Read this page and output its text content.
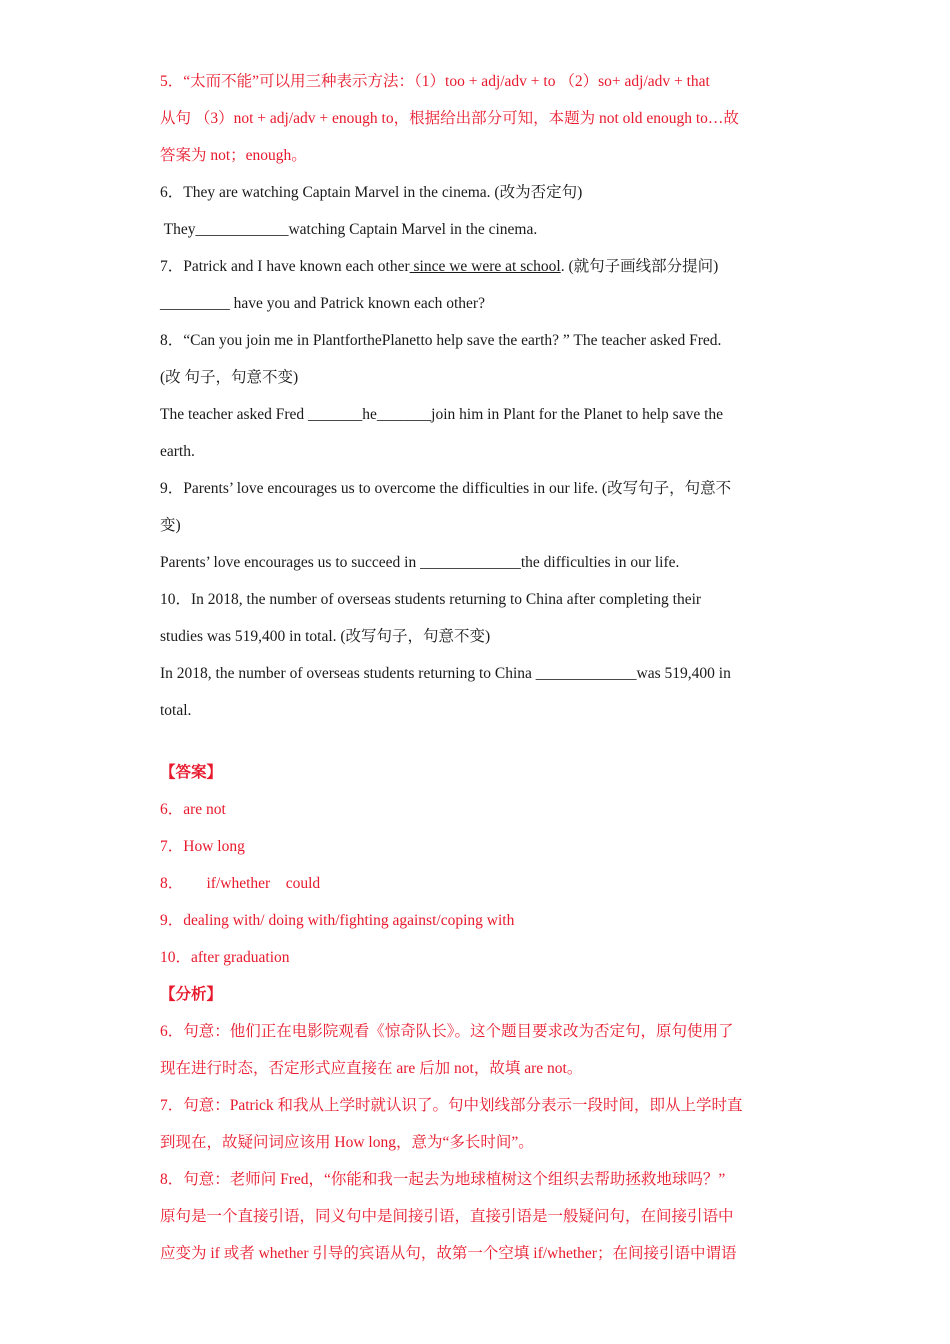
5．“太而不能”可以用三种表示方法：（1）too + adj/adv + to （2）so+ adj/adv + that

从句 （3）not + adj/adv + enough to，根据给出部分可知，本题为 not old enough to…故

答案为 not；enough。

6．They are watching Captain Marvel in the cinema. (改为否定句)

They____________watching Captain Marvel in the cinema.

7．Patrick and I have known each other since we were at school. (就句子画线部分提问)

_________ have you and Patrick known each other?

8．“Can you join me in PlantforthePlanetto help save the earth? ” The teacher asked Fred.

(改 句子，句意不变)

The teacher asked Fred _______he_______join him in Plant for the Planet to help save the

earth.

9．Parents’ love encourages us to overcome the difficulties in our life. (改写句子，句意不

变)

Parents’ love encourages us to succeed in _____________the difficulties in our life.

10．In 2018, the number of overseas students returning to China after completing their

studies was 519,400 in total. (改写句子，句意不变)

In 2018, the number of overseas students returning to China _____________was 519,400 in

total.

【答案】

6．are not

7．How long

8．　　if/whether　could

9．dealing with/ doing with/fighting against/coping with

10．after graduation

【分析】

6．句意：他们正在电影院观看《惊奇队长》。这个题目要求改为否定句，原句使用了

现在进行时态，否定形式应直接在 are 后加 not，故填 are not。

7．句意：Patrick 和我从上学时就认识了。句中划线部分表示一段时间，即从上学时直

到现在，故疑问词应该用 How long，意为“多长时间”。

8．句意：老师问 Fred，“你能和我一起去为地球植树这个组织去帮助拯救地球吗？”

原句是一个直接引语，同义句中是间接引语，直接引语是一般疑问句，在间接引语中

应变为 if 或者 whether 引导的宾语从句，故第一个空填 if/whether；在间接引语中谓语
